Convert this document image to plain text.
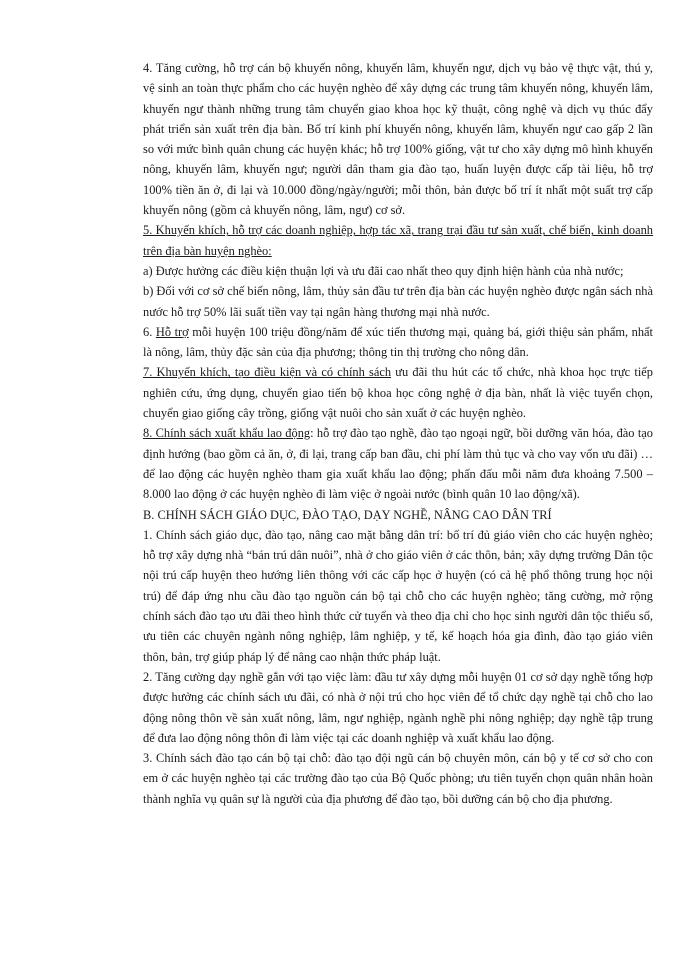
4. Tăng cường, hỗ trợ cán bộ khuyến nông, khuyến lâm, khuyến ngư, dịch vụ bảo vệ thực vật, thú y, vệ sinh an toàn thực phẩm cho các huyện nghèo để xây dựng các trung tâm khuyến nông, khuyến lâm, khuyến ngư thành những trung tâm chuyển giao khoa học kỹ thuật, công nghệ và dịch vụ thúc đẩy phát triển sản xuất trên địa bàn. Bố trí kinh phí khuyến nông, khuyến lâm, khuyến ngư cao gấp 2 lần so với mức bình quân chung các huyện khác; hỗ trợ 100% giống, vật tư cho xây dựng mô hình khuyến nông, khuyến lâm, khuyến ngư; người dân tham gia đào tạo, huấn luyện được cấp tài liệu, hỗ trợ 100% tiền ăn ở, đi lại và 10.000 đồng/ngày/người; mỗi thôn, bản được bố trí ít nhất một suất trợ cấp khuyến nông (gồm cả khuyến nông, lâm, ngư) cơ sở.

5. Khuyến khích, hỗ trợ các doanh nghiệp, hợp tác xã, trang trại đầu tư sản xuất, chế biến, kinh doanh trên địa bàn huyện nghèo:

a) Được hưởng các điều kiện thuận lợi và ưu đãi cao nhất theo quy định hiện hành của nhà nước;

b) Đối với cơ sở chế biến nông, lâm, thủy sản đầu tư trên địa bàn các huyện nghèo được ngân sách nhà nước hỗ trợ 50% lãi suất tiền vay tại ngân hàng thương mại nhà nước.

6. Hỗ trợ mỗi huyện 100 triệu đồng/năm để xúc tiến thương mại, quảng bá, giới thiệu sản phẩm, nhất là nông, lâm, thủy đặc sản của địa phương; thông tin thị trường cho nông dân.

7. Khuyến khích, tạo điều kiện và có chính sách ưu đãi thu hút các tổ chức, nhà khoa học trực tiếp nghiên cứu, ứng dụng, chuyển giao tiến bộ khoa học công nghệ ở địa bàn, nhất là việc tuyển chọn, chuyển giao giống cây trồng, giống vật nuôi cho sản xuất ở các huyện nghèo.

8. Chính sách xuất khẩu lao động: hỗ trợ đào tạo nghề, đào tạo ngoại ngữ, bồi dưỡng văn hóa, đào tạo định hướng (bao gồm cả ăn, ở, đi lại, trang cấp ban đầu, chi phí làm thủ tục và cho vay vốn ưu đãi) … để lao động các huyện nghèo tham gia xuất khẩu lao động; phấn đấu mỗi năm đưa khoảng 7.500 – 8.000 lao động ở các huyện nghèo đi làm việc ở ngoài nước (bình quân 10 lao động/xã).

B. CHÍNH SÁCH GIÁO DỤC, ĐÀO TẠO, DẠY NGHỀ, NÂNG CAO DÂN TRÍ

1. Chính sách giáo dục, đào tạo, nâng cao mặt bằng dân trí: bố trí đủ giáo viên cho các huyện nghèo; hỗ trợ xây dựng nhà “bán trú dân nuôi”, nhà ở cho giáo viên ở các thôn, bản; xây dựng trường Dân tộc nội trú cấp huyện theo hướng liên thông với các cấp học ở huyện (có cả hệ phổ thông trung học nội trú) để đáp ứng nhu cầu đào tạo nguồn cán bộ tại chỗ cho các huyện nghèo; tăng cường, mở rộng chính sách đào tạo ưu đãi theo hình thức cử tuyển và theo địa chỉ cho học sinh người dân tộc thiểu số, ưu tiên các chuyên ngành nông nghiệp, lâm nghiệp, y tế, kế hoạch hóa gia đình, đào tạo giáo viên thôn, bản, trợ giúp pháp lý để nâng cao nhận thức pháp luật.

2. Tăng cường dạy nghề gắn với tạo việc làm: đầu tư xây dựng mỗi huyện 01 cơ sở dạy nghề tổng hợp được hưởng các chính sách ưu đãi, có nhà ở nội trú cho học viên để tổ chức dạy nghề tại chỗ cho lao động nông thôn về sản xuất nông, lâm, ngư nghiệp, ngành nghề phi nông nghiệp; dạy nghề tập trung để đưa lao động nông thôn đi làm việc tại các doanh nghiệp và xuất khẩu lao động.

3. Chính sách đào tạo cán bộ tại chỗ: đào tạo đội ngũ cán bộ chuyên môn, cán bộ y tế cơ sở cho con em ở các huyện nghèo tại các trường đào tạo của Bộ Quốc phòng; ưu tiên tuyển chọn quân nhân hoàn thành nghĩa vụ quân sự là người của địa phương để đào tạo, bồi dưỡng cán bộ cho địa phương.
